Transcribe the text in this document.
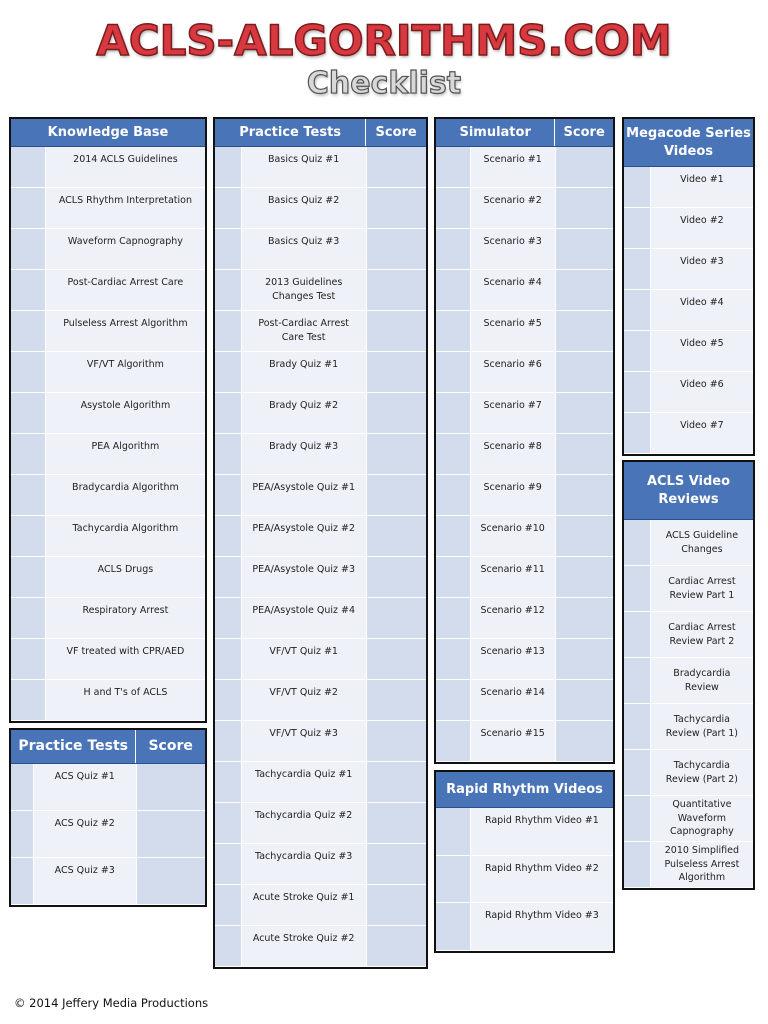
ACLS-ALGORITHMS.COM
Checklist
Knowledge Base
2014 ACLS Guidelines
ACLS Rhythm Interpretation
Waveform Capnography
Post-Cardiac Arrest Care
Pulseless Arrest Algorithm
VF/VT Algorithm
Asystole Algorithm
PEA Algorithm
Bradycardia Algorithm
Tachycardia Algorithm
ACLS Drugs
Respiratory Arrest
VF treated with CPR/AED
H and T's of ACLS
Practice Tests	Score
ACS Quiz #1
ACS Quiz #2
ACS Quiz #3
Practice Tests	Score
Basics Quiz #1
Basics Quiz #2
Basics Quiz #3
2013 Guidelines Changes Test
Post-Cardiac Arrest Care Test
Brady Quiz #1
Brady Quiz #2
Brady Quiz #3
PEA/Asystole Quiz #1
PEA/Asystole Quiz #2
PEA/Asystole Quiz #3
PEA/Asystole Quiz #4
VF/VT Quiz #1
VF/VT Quiz #2
VF/VT Quiz #3
Tachycardia Quiz #1
Tachycardia Quiz #2
Tachycardia Quiz #3
Acute Stroke Quiz #1
Acute Stroke Quiz #2
Simulator	Score
Scenario #1
Scenario #2
Scenario #3
Scenario #4
Scenario #5
Scenario #6
Scenario #7
Scenario #8
Scenario #9
Scenario #10
Scenario #11
Scenario #12
Scenario #13
Scenario #14
Scenario #15
Rapid Rhythm Videos
Rapid Rhythm Video #1
Rapid Rhythm Video #2
Rapid Rhythm Video #3
Megacode Series Videos
Video #1
Video #2
Video #3
Video #4
Video #5
Video #6
Video #7
ACLS Video Reviews
ACLS Guideline Changes
Cardiac Arrest Review Part 1
Cardiac Arrest Review Part 2
Bradycardia Review
Tachycardia Review (Part 1)
Tachycardia Review (Part 2)
Quantitative Waveform Capnography
2010 Simplified Pulseless Arrest Algorithm
© 2014 Jeffery Media Productions
